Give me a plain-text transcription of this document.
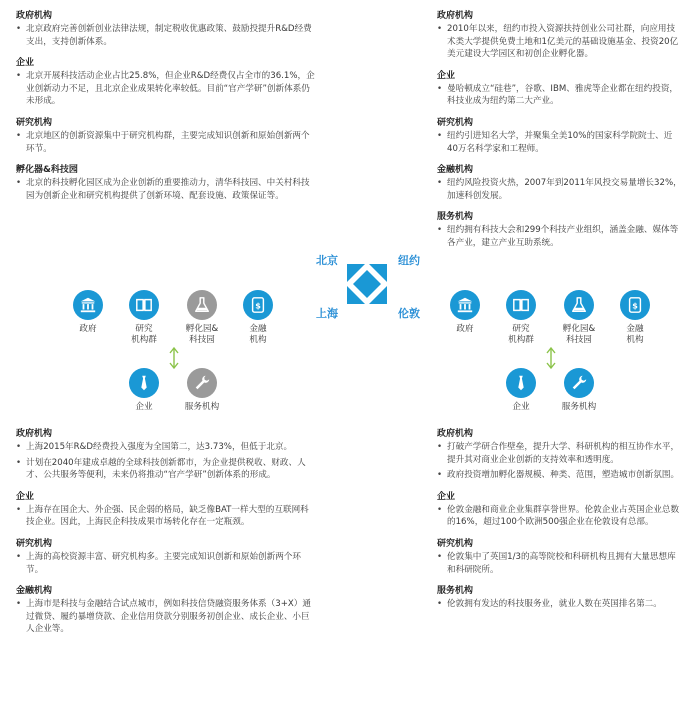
政府机构
• 北京政府完善创新创业法律法规，制定税收优惠政策、鼓励投提升R&D经费支出，支持创新体系。
企业
• 北京开展科技活动企业占比25.8%，但企业R&D经费仅占全市的36.1%，企业创新动力不足，且北京企业成果转化率较低。目前“官产学研”创新体系仍未形成。
研究机构
• 北京地区的创新资源集中于研究机构群，主要完成知识创新和原始创新两个环节。
孵化器&科技园
• 北京的科技孵化园区成为企业创新的重要推动力，清华科技园、中关村科技园为创新企业和研究机构提供了创新环境、配套设施、政策保证等。
政府机构
• 2010年以来，纽约市投入资源扶持创业公司社群，向应用技术类大学提供免费土地和1亿美元的基础设施基金、投资20亿美元建设大学园区和初创企业孵化器。
企业
• 曼哈顿成立“硅巷”，谷歌、IBM、雅虎等企业都在纽约投资，科技业成为纽约第二大产业。
研究机构
• 纽约引进知名大学，并聚集全美10%的国家科学院院士、近40万名科学家和工程师。
金融机构
• 纽约风险投资火热，2007年到2011年风投交易量增长32%，加速科创发展。
服务机构
• 纽约拥有科技大会和299个科技产业组织，涵盖金融、媒体等各产业，建立产业互助系统。
政府机构
• 上海2015年R&D经费投入强度为全国第二，达3.73%，但低于北京。
• 计划在2040年建成卓越的全球科技创新都市，为企业提供税收、财政、人才、公共服务等便利，未来仍将推动“官产学研”创新体系的形成。
企业
• 上海存在国企大、外企强、民企弱的格局，缺乏像BAT一样大型的互联网科技企业。因此，上海民企科技成果市场转化存在一定瓶颈。
研究机构
• 上海的高校资源丰富、研究机构多。主要完成知识创新和原始创新两个环节。
金融机构
• 上海市是科技与金融结合试点城市，例如科技信贷融资服务体系（3+X）通过微贷、履约暴增贷款、企业信用贷款分别服务初创企业、成长企业、小巨人企业等。
政府机构
• 打破产学研合作壁垒，提升大学、科研机构的相互协作水平，提升其对商业企业创新的支持效率和透明度。
• 政府投资增加孵化器规模、种类、范围，塑造城市创新氛围。
企业
• 伦敦金融和商业企业集群享誉世界。伦敦企业占英国企业总数的16%，超过100个欧洲500强企业在伦敦设有总部。
研究机构
• 伦敦集中了英国1/3的高等院校和科研机构且拥有大量思想库和科研院所。
服务机构
• 伦敦拥有发达的科技服务业，就业人数在英国排名第二。
北京	纽约
上海	伦敦
政府	研究
机构群
孵化园&
科技园
$
金融
机构
企业	服务机构
政府	研究
机构群
孵化园&
科技园
$
金融
机构
企业	服务机构
